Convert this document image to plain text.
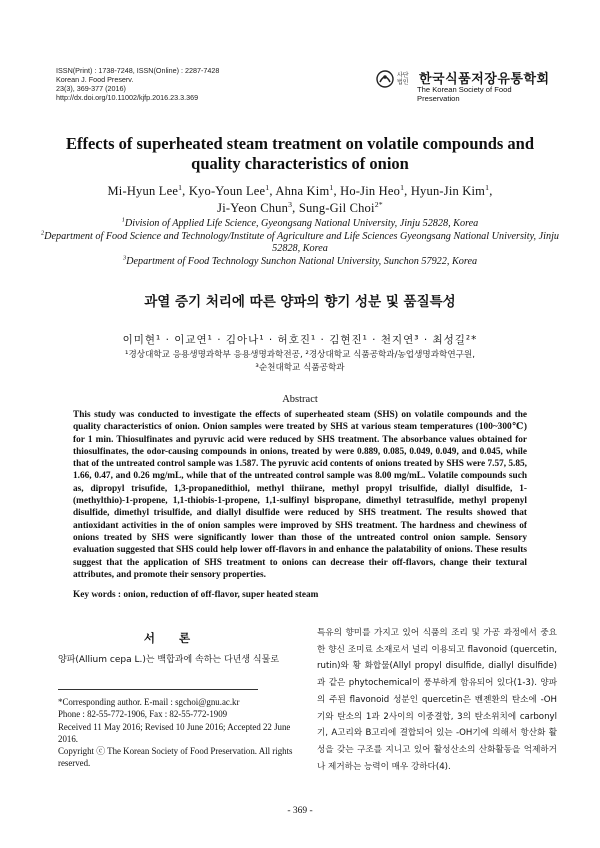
ISSN(Print) : 1738-7248, ISSN(Online) : 2287-7428
Korean J. Food Preserv.
23(3), 369-377 (2016)
http://dx.doi.org/10.11002/kjfp.2016.23.3.369
사단
법인 한국식품저장유통학회
The Korean Society of Food Preservation
Effects of superheated steam treatment on volatile compounds and quality characteristics of onion
Mi-Hyun Lee$^1$, Kyo-Youn Lee$^1$, Ahna Kim$^1$, Ho-Jin Heo$^1$, Hyun-Jin Kim$^1$,
Ji-Yeon Chun$^3$, Sung-Gil Choi$^{2*}$
$^1$Division of Applied Life Science, Gyeongsang National University, Jinju 52828, Korea
$^2$Department of Food Science and Technology/Institute of Agriculture and Life Sciences Gyeongsang National University, Jinju 52828, Korea
$^3$Department of Food Technology Sunchon National University, Sunchon 57922, Korea
과열 증기 처리에 따른 양파의 향기 성분 및 품질특성
이미현¹ · 이교연¹ · 김아나¹ · 허호진¹ · 김현진¹ · 천지연³ · 최성길²*
¹경상대학교 응용생명과학부 응용생명과학전공, ²경상대학교 식품공학과/농업생명과학연구원,
³순천대학교 식품공학과
Abstract
This study was conducted to investigate the effects of superheated steam (SHS) on volatile compounds and the quality characteristics of onion. Onion samples were treated by SHS at various steam temperatures (100~300℃) for 1 min. Thiosulfinates and pyruvic acid were reduced by SHS treatment. The absorbance values obtained for thiosulfinates, the odor-causing compounds in onions, treated by were 0.889, 0.085, 0.049, 0.049, and 0.045, while that of the untreated control sample was 1.587. The pyruvic acid contents of onions treated by SHS were 7.57, 5.85, 1.66, 0.47, and 0.26 mg/mL, while that of the untreated control sample was 8.00 mg/mL. Volatile compounds such as, dipropyl trisufide, 1,3-propanedithiol, methyl thiirane, methyl propyl trisulfide, diallyl disulfide, 1-(methylthio)-1-propene, 1,1-thiobis-1-propene, 1,1-sulfinyl bispropane, dimethyl tetrasulfide, methyl propenyl disulfide, dimethyl trisulfide, and diallyl disulfide were reduced by SHS treatment. The results showed that antioxidant activities in the of onion samples were improved by SHS treatment. The hardness and chewiness of onions treated by SHS were significantly lower than those of the untreated control onion sample. Sensory evaluation suggested that SHS could help lower off-flavors in and enhance the palatability of onions. These results suggest that the application of SHS treatment to onions can decrease their off-flavors, change their textural attributes, and promote their sensory properties.
Key words : onion, reduction of off-flavor, super heated steam
서 론
양파(Allium cepa L.)는 백합과에 속하는 다년생 식물로
*Corresponding author. E-mail : sgchoi@gnu.ac.kr
Phone : 82-55-772-1906, Fax : 82-55-772-1909
Received 11 May 2016; Revised 10 June 2016; Accepted 22 June 2016.
Copyright ⓒ The Korean Society of Food Preservation. All rights reserved.
특유의 향미를 가지고 있어 식품의 조리 및 가공 과정에서 중요한 향신 조미료 소재로서 널리 이용되고 flavonoid (quercetin, rutin)와 황 화합물(Allyl propyl disulfide, diallyl disulfide)과 같은 phytochemical이 풍부하게 함유되어 있다(1-3). 양파의 주된 flavonoid 성분인 quercetin은 벤젠환의 탄소에 -OH기와 탄소의 1과 2사이의 이중결합, 3의 탄소위치에 carbonyl기, A고리와 B고리에 결합되어 있는 -OH기에 의해서 항산화 활성을 갖는 구조를 지니고 있어 활성산소의 산화활동을 억제하거나 제거하는 능력이 매우 강하다(4).
- 369 -
